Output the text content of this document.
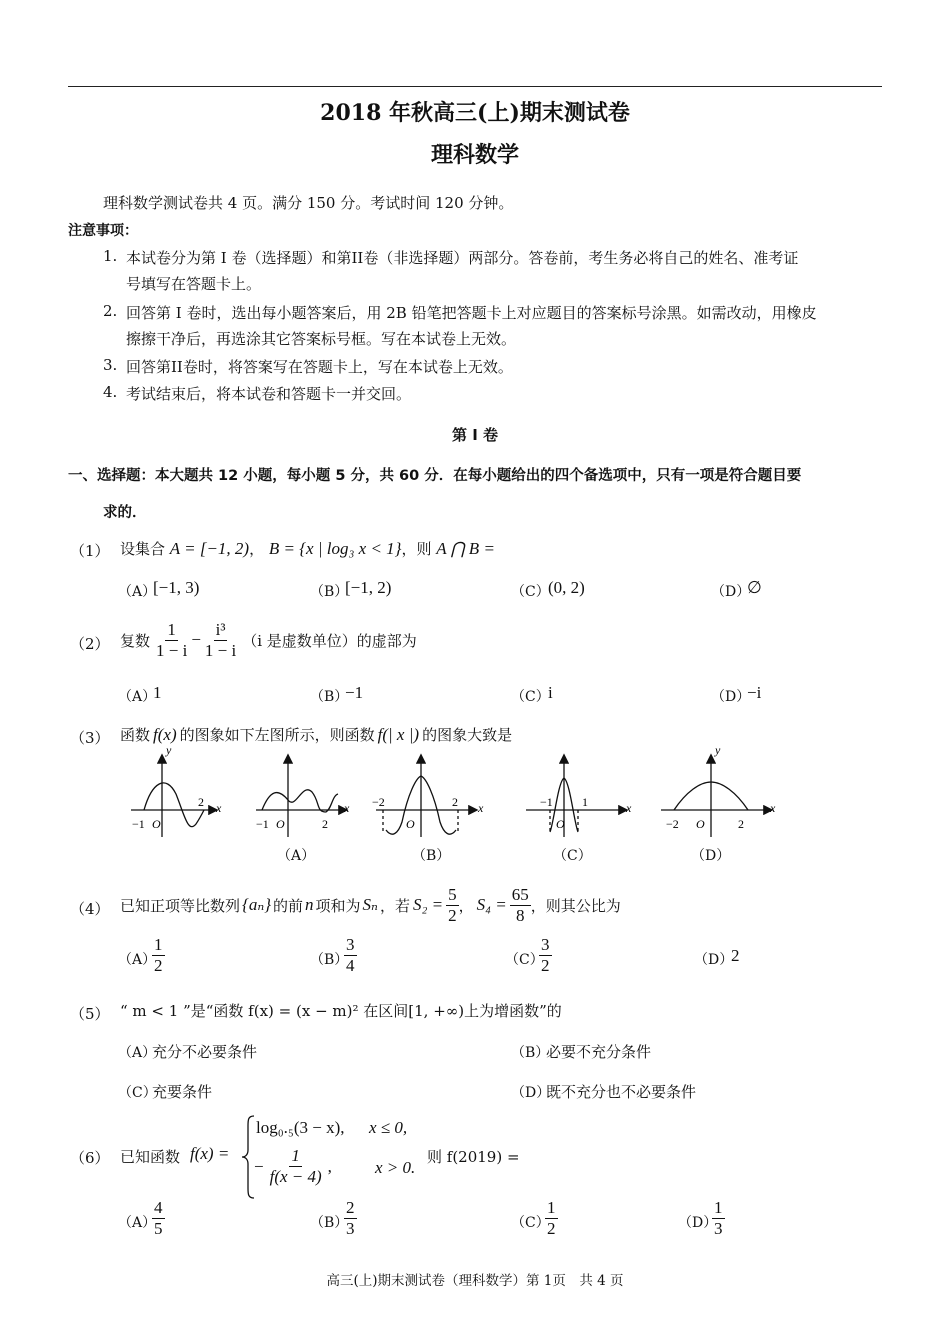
2018 年秋高三(上)期末测试卷
理科数学
理科数学测试卷共 4 页。满分 150 分。考试时间 120 分钟。
注意事项：
1. 本试卷分为第 I 卷（选择题）和第II卷（非选择题）两部分。答卷前，考生务必将自己的姓名、准考证
号填写在答题卡上。
2. 回答第 I 卷时，选出每小题答案后，用 2B 铅笔把答题卡上对应题目的答案标号涂黑。如需改动，用橡皮
擦擦干净后，再选涂其它答案标号框。写在本试卷上无效。
3. 回答第II卷时，将答案写在答题卡上，写在本试卷上无效。
4. 考试结束后，将本试卷和答题卡一并交回。
第 I 卷
一、选择题：本大题共 12 小题，每小题 5 分，共 60 分．在每小题给出的四个备选项中，只有一项是符合题目要
求的．
（1） 设集合 A = [−1, 2)， B = {x | log₃ x < 1}，则 A ⋂ B =
（A）
[−1, 3)	（B）
[−1, 2)	（C）
(0, 2)	（D）
∅
（2） 复数 $\frac{1}{1 - i} - \frac{\text{i³}}{1 - i} (i$ 是虚数单位）的虚部为
（A）
1	（B）
−1	（C）
i	（D）
−i
（3） 函数 f(x) 的图象如下左图所示，则函数 f(| x |) 的图象大致是
y
x
−1 O
2	x
−1 O	2
x
−2
O
2	x
−1
O
1
y
x
−2 O	2
（A）	（B）	（C）	（D）
（4） 已知正项等比数列 {aₙ} 的前 n 项和为 Sₙ ，若 $S_2 = \frac{5}{2}$ ， $S_4 = \frac{65}{8}$ ，则其公比为
（A）
$\frac{1}{2}$	（B）
$\frac{3}{4}$	（C）
$\frac{3}{2}$	（D）
2
（5） “ m < 1 ”是“函数 f(x) = (x − m)² 在区间[1, +∞)上为增函数”的
（A）
充分不必要条件	（B）
必要不充分条件
（C）
充要条件	（D）
既不充分也不必要条件
（6） 已知函数 f(x) =
log₀.₅(3 − x), x ≤ 0,
− $\frac{1}{f(x - 4)}$ ,	x > 0.
则 f(2019) =
（A）
$\frac{4}{5}$	（B）
$\frac{2}{3}$	（C）
$\frac{1}{2}$	（D）
$\frac{1}{3}$
高三(上)期末测试卷（理科数学）第 1页　共 4 页
